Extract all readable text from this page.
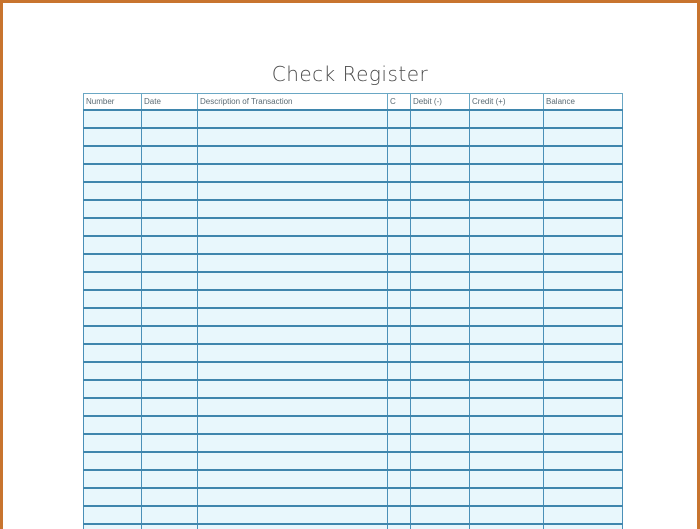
Check Register
Number	Date	Description of Transaction	C	Debit (-)	Credit (+)	Balance
